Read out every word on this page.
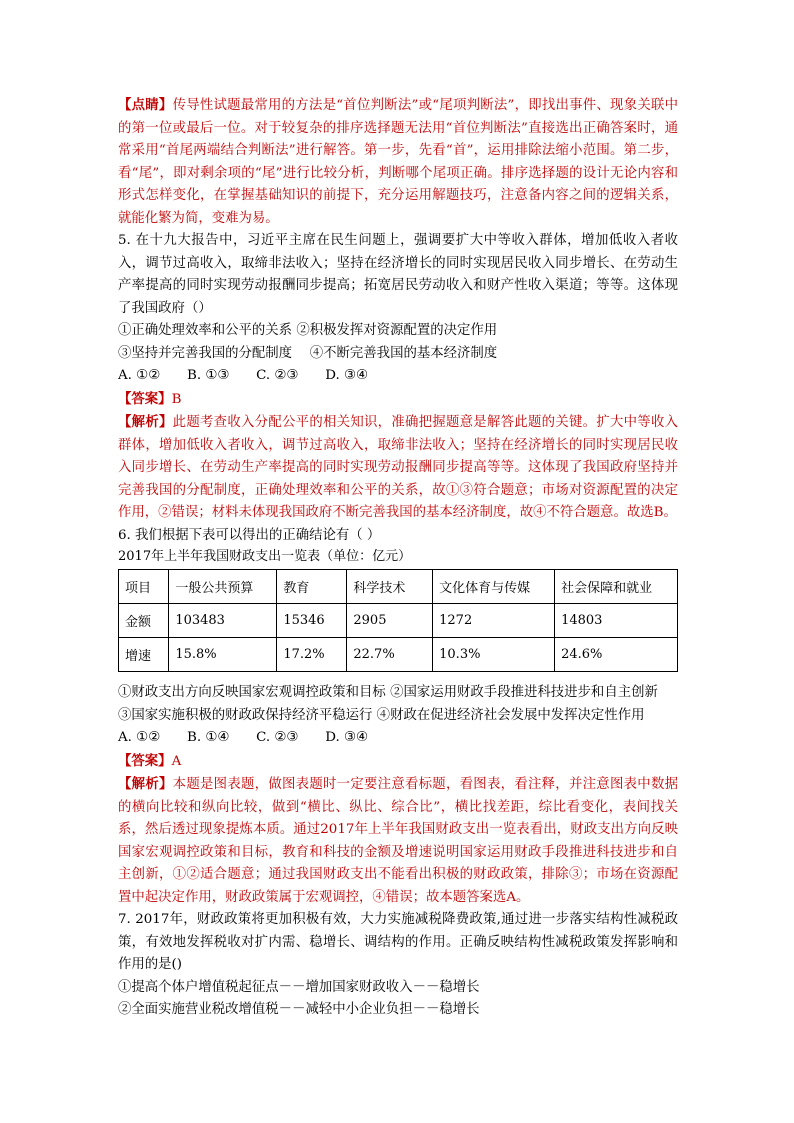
【点睛】传导性试题最常用的方法是“首位判断法”或“尾项判断法”，即找出事件、现象关联中的第一位或最后一位。对于较复杂的排序选择题无法用“首位判断法”直接选出正确答案时，通常采用“首尾两端结合判断法”进行解答。第一步，先看“首”，运用排除法缩小范围。第二步，看“尾”，即对剩余项的“尾”进行比较分析，判断哪个尾项正确。排序选择题的设计无论内容和形式怎样变化，在掌握基础知识的前提下，充分运用解题技巧，注意备内容之间的逻辑关系，就能化繁为简，变难为易。

5. 在十九大报告中，习近平主席在民生问题上，强调要扩大中等收入群体，增加低收入者收入，调节过高收入，取缔非法收入；坚持在经济增长的同时实现居民收入同步增长、在劳动生产率提高的同时实现劳动报酬同步提高；拓宽居民劳动收入和财产性收入渠道；等等。这体现了我国政府（）

①正确处理效率和公平的关系 ②积极发挥对资源配置的决定作用

③坚持并完善我国的分配制度　 ④不断完善我国的基本经济制度

A. ①②　　B. ①③　　C. ②③　　D. ③④

【答案】B

【解析】此题考查收入分配公平的相关知识，准确把握题意是解答此题的关键。扩大中等收入群体，增加低收入者收入，调节过高收入，取缔非法收入；坚持在经济增长的同时实现居民收入同步增长、在劳动生产率提高的同时实现劳动报酬同步提高等等。这体现了我国政府坚持并完善我国的分配制度，正确处理效率和公平的关系，故①③符合题意；市场对资源配置的决定作用，②错误；材料未体现我国政府不断完善我国的基本经济制度，故④不符合题意。故选B。

6. 我们根据下表可以得出的正确结论有（ ）

2017年上半年我国财政支出一览表（单位：亿元）

项目	一般公共预算	教育	科学技术	文化体育与传媒	社会保障和就业
金额	103483	15346	2905	1272	14803
增速	15.8%	17.2%	22.7%	10.3%	24.6%

①财政支出方向反映国家宏观调控政策和目标 ②国家运用财政手段推进科技进步和自主创新

③国家实施积极的财政政保持经济平稳运行 ④财政在促进经济社会发展中发挥决定性作用

A. ①②　　B. ①④　　C. ②③　　D. ③④

【答案】A

【解析】本题是图表题，做图表题时一定要注意看标题，看图表，看注释，并注意图表中数据的横向比较和纵向比较，做到“横比、纵比、综合比”，横比找差距，综比看变化，表间找关系，然后透过现象提炼本质。通过2017年上半年我国财政支出一览表看出，财政支出方向反映国家宏观调控政策和目标，教育和科技的金额及增速说明国家运用财政手段推进科技进步和自主创新，①②适合题意；通过我国财政支出不能看出积极的财政政策，排除③；市场在资源配置中起决定作用，财政政策属于宏观调控，④错误；故本题答案选A。

7. 2017年，财政政策将更加积极有效，大力实施减税降费政策,通过进一步落实结构性减税政策，有效地发挥税收对扩内需、稳增长、调结构的作用。正确反映结构性减税政策发挥影响和作用的是()

①提高个体户增值税起征点－－增加国家财政收入－－稳增长

②全面实施营业税改增值税－－减轻中小企业负担－－稳增长
